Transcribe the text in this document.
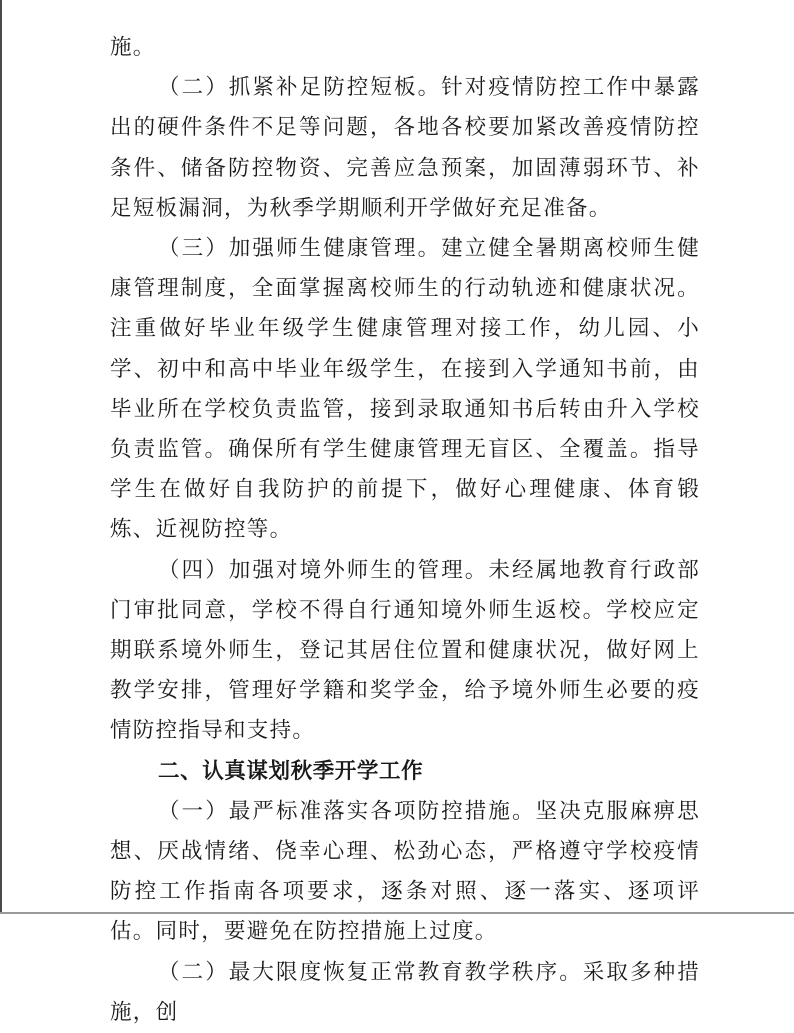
施。

（二）抓紧补足防控短板。针对疫情防控工作中暴露出的硬件条件不足等问题，各地各校要加紧改善疫情防控条件、储备防控物资、完善应急预案，加固薄弱环节、补足短板漏洞，为秋季学期顺利开学做好充足准备。

（三）加强师生健康管理。建立健全暑期离校师生健康管理制度，全面掌握离校师生的行动轨迹和健康状况。注重做好毕业年级学生健康管理对接工作，幼儿园、小学、初中和高中毕业年级学生，在接到入学通知书前，由毕业所在学校负责监管，接到录取通知书后转由升入学校负责监管。确保所有学生健康管理无盲区、全覆盖。指导学生在做好自我防护的前提下，做好心理健康、体育锻炼、近视防控等。

（四）加强对境外师生的管理。未经属地教育行政部门审批同意，学校不得自行通知境外师生返校。学校应定期联系境外师生，登记其居住位置和健康状况，做好网上教学安排，管理好学籍和奖学金，给予境外师生必要的疫情防控指导和支持。

二、认真谋划秋季开学工作

（一）最严标准落实各项防控措施。坚决克服麻痹思想、厌战情绪、侥幸心理、松劲心态，严格遵守学校疫情防控工作指南各项要求，逐条对照、逐一落实、逐项评估。同时，要避免在防控措施上过度。

（二）最大限度恢复正常教育教学秩序。采取多种措施，创
